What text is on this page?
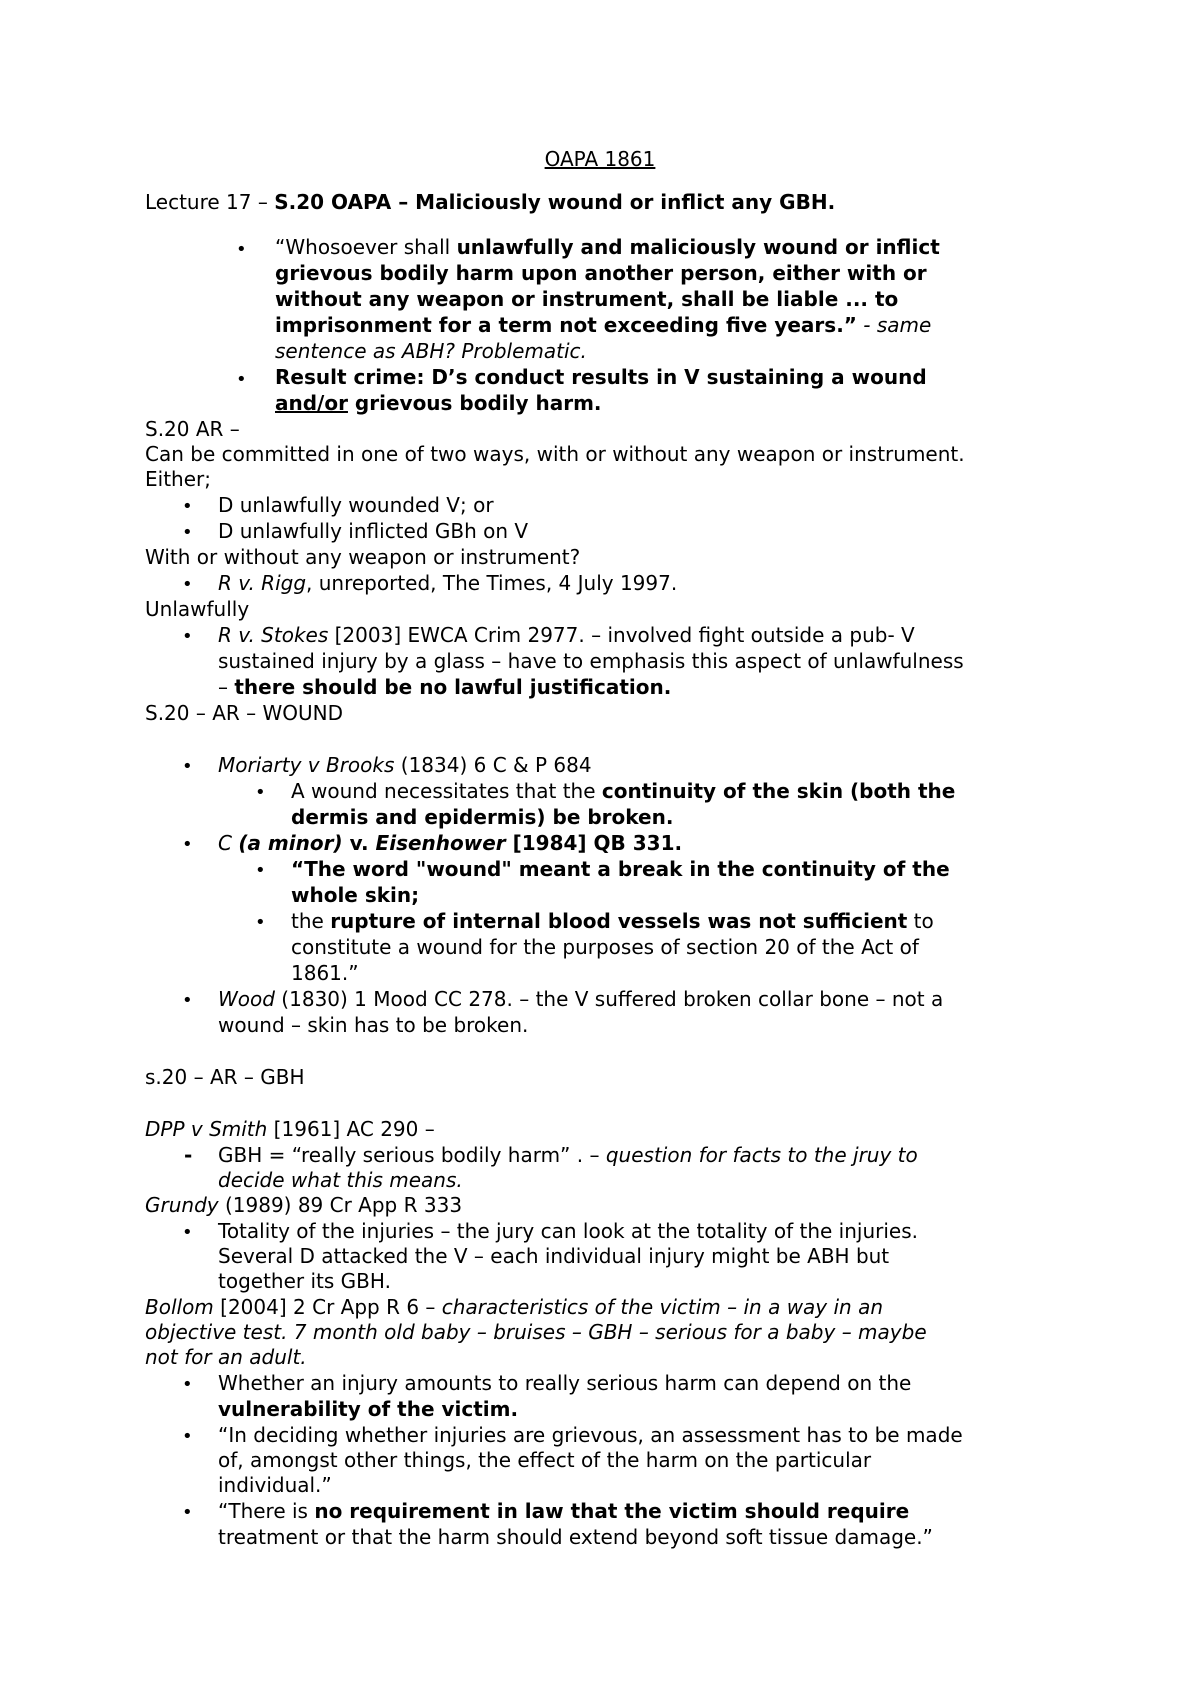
OAPA 1861
Lecture 17 – S.20 OAPA – Maliciously wound or inflict any GBH.
• “Whosoever shall unlawfully and maliciously wound or inflict
grievous bodily harm upon another person, either with or
without any weapon or instrument, shall be liable ... to
imprisonment for a term not exceeding five years.” - same
sentence as ABH? Problematic.
• Result crime: D’s conduct results in V sustaining a wound
and/or grievous bodily harm.
S.20 AR –
Can be committed in one of two ways, with or without any weapon or instrument.
Either;
• D unlawfully wounded V; or
• D unlawfully inflicted GBh on V
With or without any weapon or instrument?
• R v. Rigg, unreported, The Times, 4 July 1997.
Unlawfully
• R v. Stokes [2003] EWCA Crim 2977. – involved fight outside a pub- V
sustained injury by a glass – have to emphasis this aspect of unlawfulness
– there should be no lawful justification.
S.20 – AR – WOUND
• Moriarty v Brooks (1834) 6 C & P 684
• A wound necessitates that the continuity of the skin (both the
dermis and epidermis) be broken.
• C (a minor) v. Eisenhower [1984] QB 331.
• “The word "wound" meant a break in the continuity of the
whole skin;
• the rupture of internal blood vessels was not sufficient to
constitute a wound for the purposes of section 20 of the Act of
1861.”
• Wood (1830) 1 Mood CC 278. – the V suffered broken collar bone – not a
wound – skin has to be broken.
s.20 – AR – GBH
DPP v Smith [1961] AC 290 –
- GBH = “really serious bodily harm” . – question for facts to the jruy to
decide what this means.
Grundy (1989) 89 Cr App R 333
• Totality of the injuries – the jury can look at the totality of the injuries.
Several D attacked the V – each individual injury might be ABH but
together its GBH.
Bollom [2004] 2 Cr App R 6 – characteristics of the victim – in a way in an
objective test. 7 month old baby – bruises – GBH – serious for a baby – maybe
not for an adult.
• Whether an injury amounts to really serious harm can depend on the
vulnerability of the victim.
• “In deciding whether injuries are grievous, an assessment has to be made
of, amongst other things, the effect of the harm on the particular
individual.”
• “There is no requirement in law that the victim should require
treatment or that the harm should extend beyond soft tissue damage.”
